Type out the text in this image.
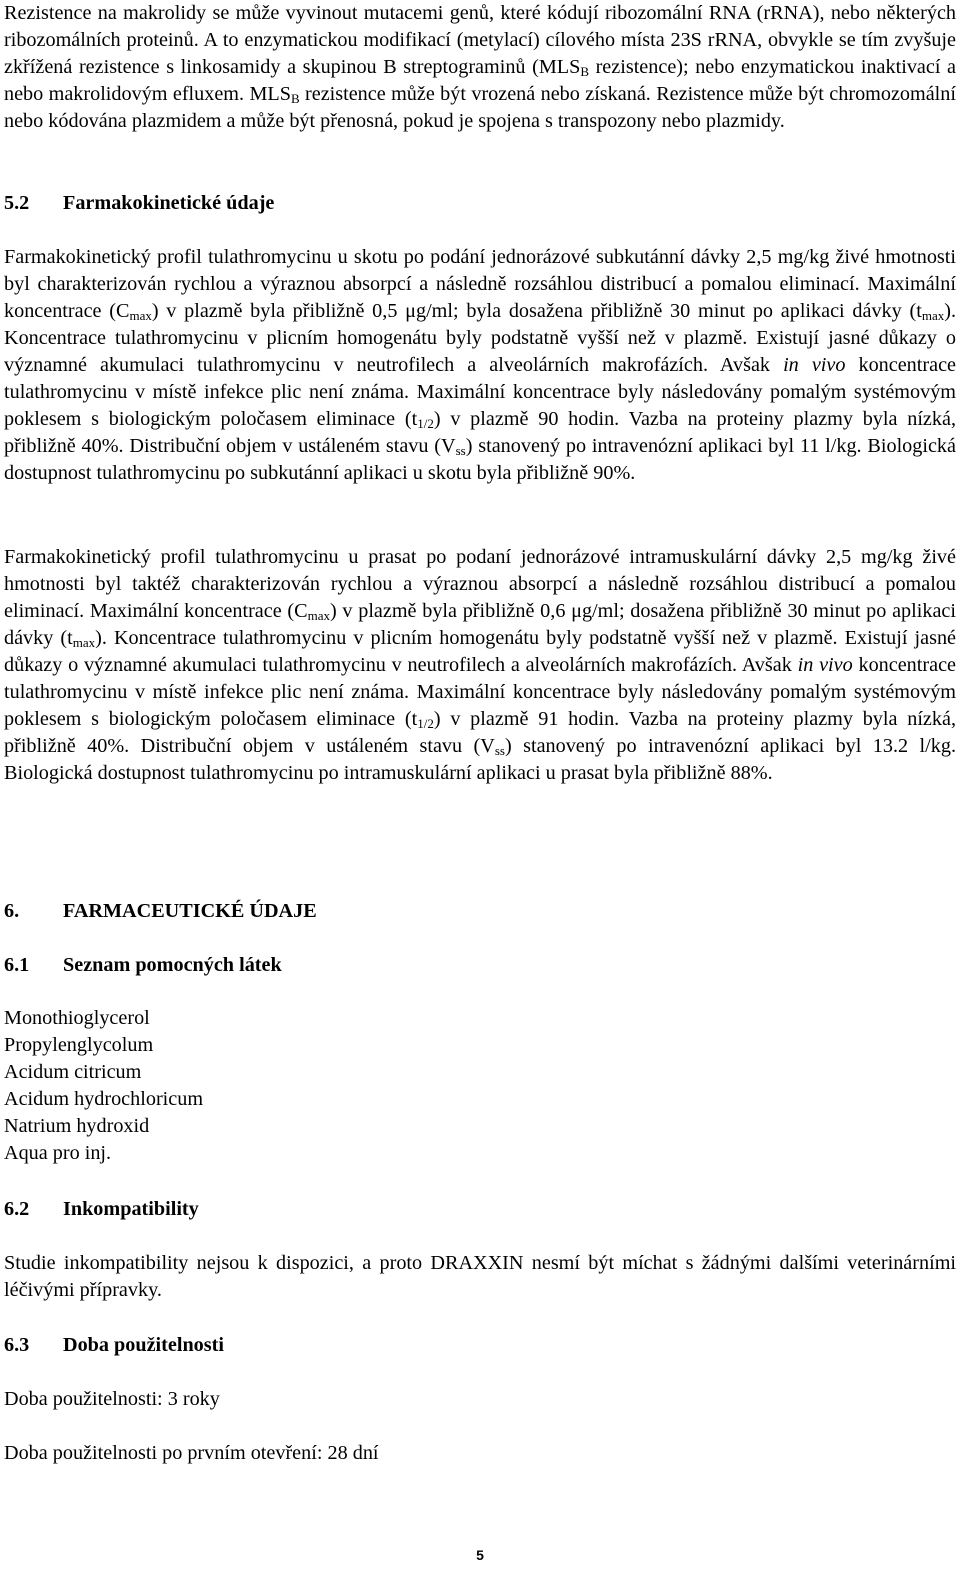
Rezistence na makrolidy se může vyvinout mutacemi genů, které kódují ribozomální RNA (rRNA), nebo některých ribozomálních proteinů. A to enzymatickou modifikací (metylací) cílového místa 23S rRNA, obvykle se tím zvyšuje zkřížená rezistence s linkosamidy a skupinou B streptograminů ($MLS_B$ rezistence); nebo enzymatickou inaktivací a nebo makrolidovým efluxem. $MLS_B$ rezistence může být vrozená nebo získaná. Rezistence může být chromozomální nebo kódována plazmidem a může být přenosná, pokud je spojena s transpozony nebo plazmidy.

5.2	Farmakokinetické údaje

Farmakokinetický profil tulathromycinu u skotu po podání jednorázové subkutánní dávky 2,5 mg/kg živé hmotnosti byl charakterizován rychlou a výraznou absorpcí a následně rozsáhlou distribucí a pomalou eliminací. Maximální koncentrace $(C_{max})$ v plazmě byla přibližně 0,5 μg/ml; byla dosažena přibližně 30 minut po aplikaci dávky $(t_{max})$. Koncentrace tulathromycinu v plicním homogenátu byly podstatně vyšší než v plazmě. Existují jasné důkazy o významné akumulaci tulathromycinu v neutrofilech a alveolárních makrofázích. Avšak in vivo koncentrace tulathromycinu v místě infekce plic není známa. Maximální koncentrace byly následovány pomalým systémovým poklesem s biologickým poločasem eliminace $(t_{1/2})$ v plazmě 90 hodin. Vazba na proteiny plazmy byla nízká, přibližně 40%. Distribuční objem v ustáleném stavu $(V_{ss})$ stanovený po intravenózní aplikaci byl 11 l/kg. Biologická dostupnost tulathromycinu po subkutánní aplikaci u skotu byla přibližně 90%.

Farmakokinetický profil tulathromycinu u prasat po podaní jednorázové intramuskulární dávky 2,5 mg/kg živé hmotnosti byl taktéž charakterizován rychlou a výraznou absorpcí a následně rozsáhlou distribucí a pomalou eliminací. Maximální koncentrace $(C_{max})$ v plazmě byla přibližně 0,6 μg/ml; dosažena přibližně 30 minut po aplikaci dávky $(t_{max})$. Koncentrace tulathromycinu v plicním homogenátu byly podstatně vyšší než v plazmě. Existují jasné důkazy o významné akumulaci tulathromycinu v neutrofilech a alveolárních makrofázích. Avšak in vivo koncentrace tulathromycinu v místě infekce plic není známa. Maximální koncentrace byly následovány pomalým systémovým poklesem s biologickým poločasem eliminace $(t_{1/2})$ v plazmě 91 hodin. Vazba na proteiny plazmy byla nízká, přibližně 40%. Distribuční objem v ustáleném stavu $(V_{ss})$ stanovený po intravenózní aplikaci byl 13.2 l/kg. Biologická dostupnost tulathromycinu po intramuskulární aplikaci u prasat byla přibližně 88%.

6.	FARMACEUTICKÉ ÚDAJE
6.1	Seznam pomocných látek
Monothioglycerol
Propylenglycolum
Acidum citricum
Acidum hydrochloricum
Natrium hydroxid
Aqua pro inj.
6.2	Inkompatibility

Studie inkompatibility nejsou k dispozici, a proto DRAXXIN nesmí být míchat s žádnými dalšími veterinárními léčivými přípravky.

6.3	Doba použitelnosti

Doba použitelnosti: 3 roky

Doba použitelnosti po prvním otevření: 28 dní

5
